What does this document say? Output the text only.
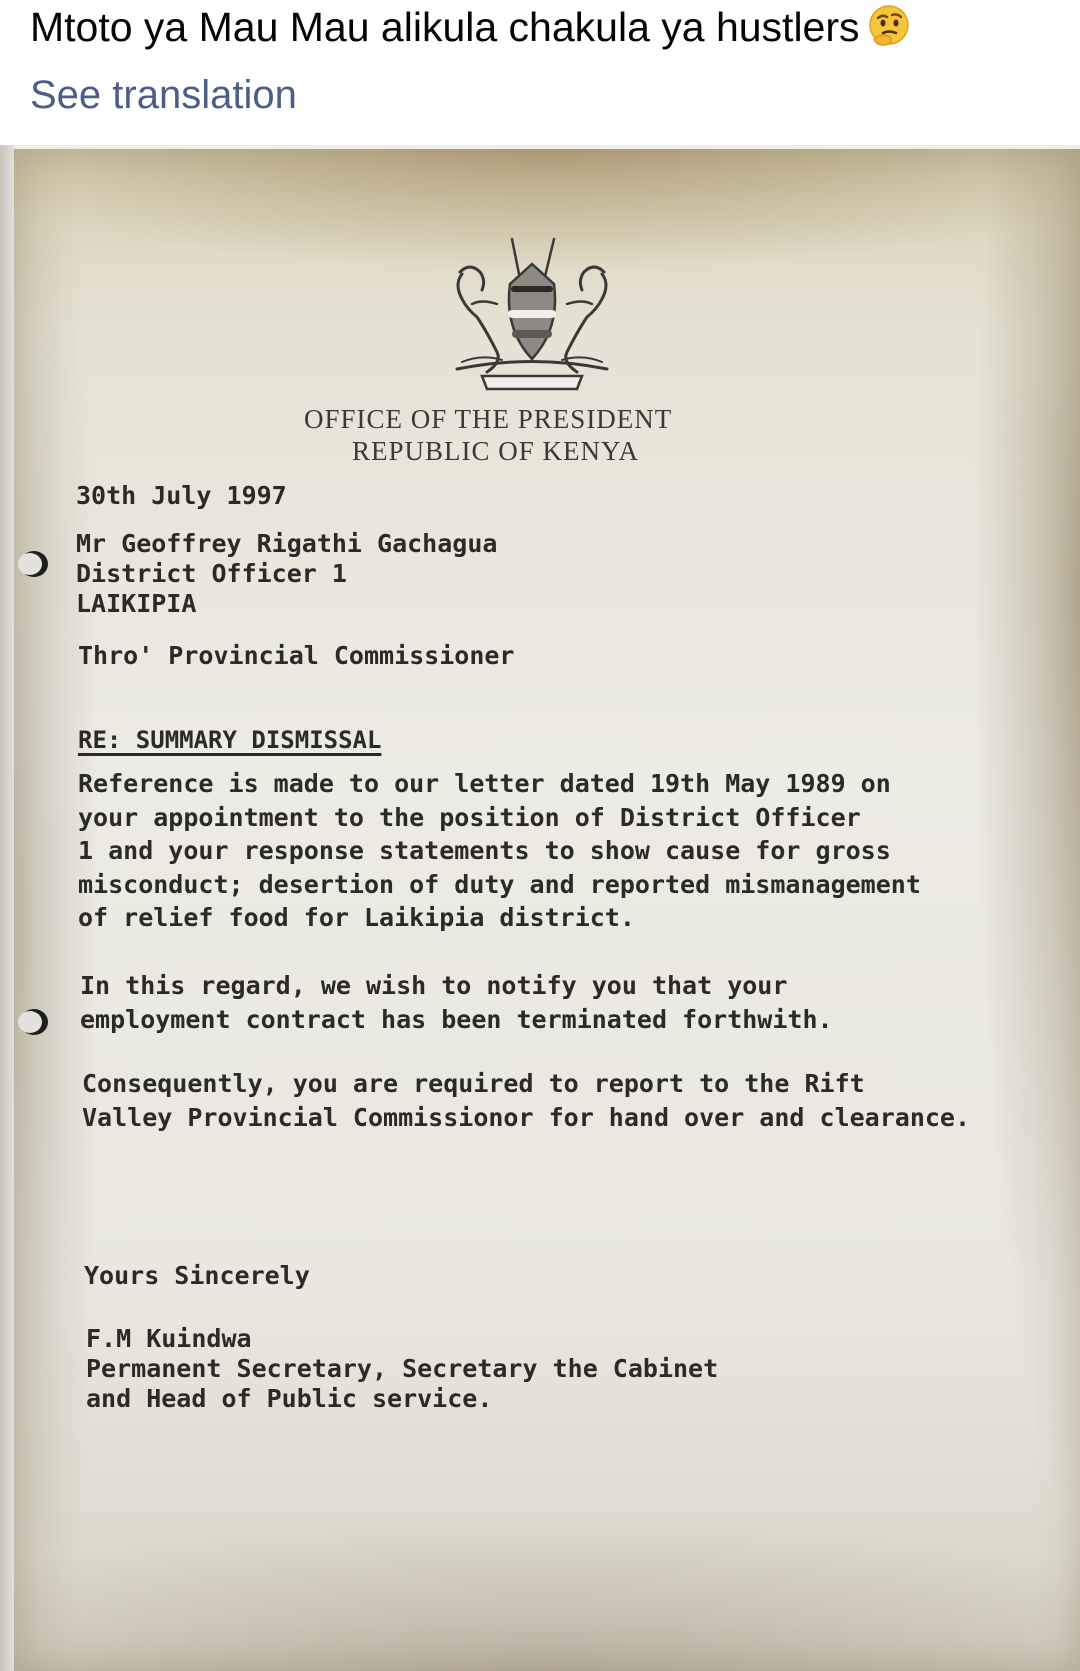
Mtoto ya Mau Mau alikula chakula ya hustlers
See translation
OFFICE OF THE PRESIDENT
REPUBLIC OF KENYA
30th July 1997
Mr Geoffrey Rigathi Gachagua
District Officer 1
LAIKIPIA
Thro' Provincial Commissioner
RE: SUMMARY DISMISSAL
Reference is made to our letter dated 19th May 1989 on
your appointment to the position of District Officer
1 and your response statements to show cause for gross
misconduct; desertion of duty and reported mismanagement
of relief food for Laikipia district.
In this regard, we wish to notify you that your
employment contract has been terminated forthwith.
Consequently, you are required to report to the Rift
Valley Provincial Commissionor for hand over and clearance.
Yours Sincerely
F.M Kuindwa
Permanent Secretary, Secretary the Cabinet
and Head of Public service.
